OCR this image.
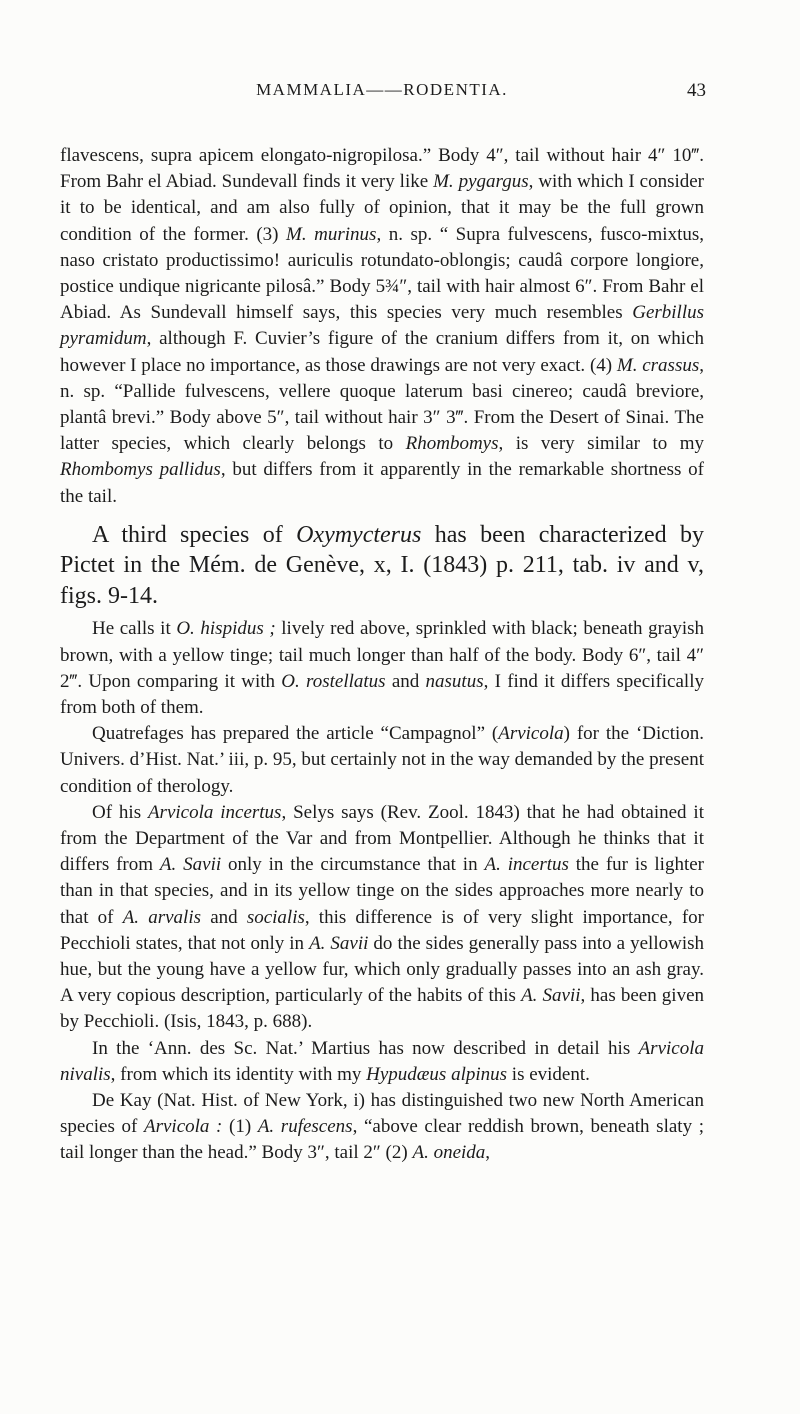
MAMMALIA——RODENTIA.	43

flavescens, supra apicem elongato-nigropilosa.” Body 4″, tail without hair 4″ 10‴. From Bahr el Abiad. Sundevall finds it very like M. pygargus, with which I consider it to be identical, and am also fully of opinion, that it may be the full grown condition of the former. (3) M. murinus, n. sp. “ Supra fulvescens, fusco-mixtus, naso cristato productissimo! auriculis rotundato-oblongis; caudâ corpore longiore, postice undique nigricante pilosâ.” Body 5¾″, tail with hair almost 6″. From Bahr el Abiad. As Sundevall himself says, this species very much resembles Gerbillus pyramidum, although F. Cuvier’s figure of the cranium differs from it, on which however I place no importance, as those drawings are not very exact. (4) M. crassus, n. sp. “Pallide fulvescens, vellere quoque laterum basi cinereo; caudâ breviore, plantâ brevi.” Body above 5″, tail without hair 3″ 3‴. From the Desert of Sinai. The latter species, which clearly belongs to Rhombomys, is very similar to my Rhombomys pallidus, but differs from it apparently in the remarkable shortness of the tail.

A third species of Oxymycterus has been characterized by Pictet in the Mém. de Genève, x, I. (1843) p. 211, tab. iv and v, figs. 9-14.

He calls it O. hispidus ; lively red above, sprinkled with black; beneath grayish brown, with a yellow tinge; tail much longer than half of the body. Body 6″, tail 4″ 2‴. Upon comparing it with O. rostellatus and nasutus, I find it differs specifically from both of them.

Quatrefages has prepared the article “Campagnol” (Arvicola) for the ‘Diction. Univers. d’Hist. Nat.’ iii, p. 95, but certainly not in the way demanded by the present condition of therology.

Of his Arvicola incertus, Selys says (Rev. Zool. 1843) that he had obtained it from the Department of the Var and from Montpellier. Although he thinks that it differs from A. Savii only in the circumstance that in A. incertus the fur is lighter than in that species, and in its yellow tinge on the sides approaches more nearly to that of A. arvalis and socialis, this difference is of very slight importance, for Pecchioli states, that not only in A. Savii do the sides generally pass into a yellowish hue, but the young have a yellow fur, which only gradually passes into an ash gray. A very copious description, particularly of the habits of this A. Savii, has been given by Pecchioli. (Isis, 1843, p. 688).

In the ‘Ann. des Sc. Nat.’ Martius has now described in detail his Arvicola nivalis, from which its identity with my Hypudæus alpinus is evident.

De Kay (Nat. Hist. of New York, i) has distinguished two new North American species of Arvicola : (1) A. rufescens, “above clear reddish brown, beneath slaty ; tail longer than the head.” Body 3″, tail 2″ (2) A. oneida,
